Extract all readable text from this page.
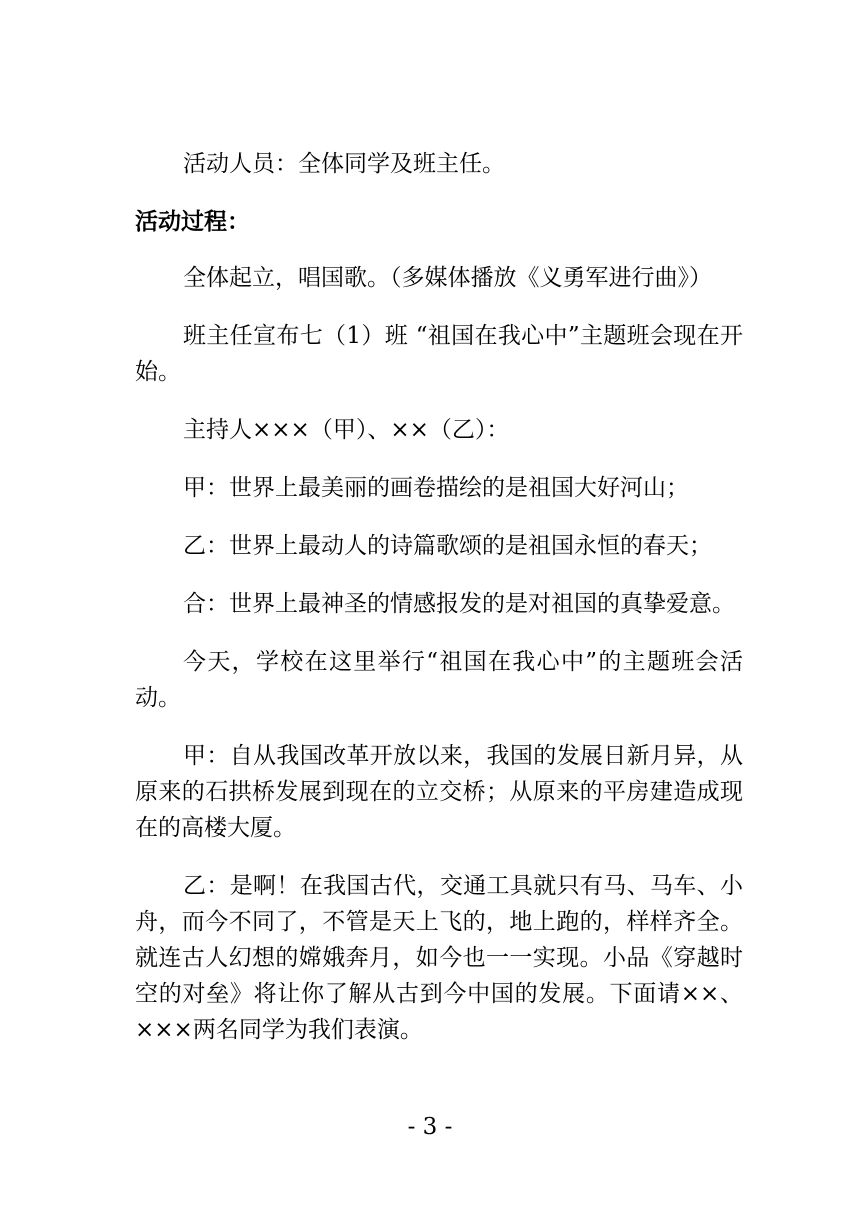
活动人员：全体同学及班主任。

活动过程：

全体起立，唱国歌。（多媒体播放《义勇军进行曲》）

班主任宣布七（1）班 “祖国在我心中”主题班会现在开始。

主持人×××（甲）、××（乙）：

甲：世界上最美丽的画卷描绘的是祖国大好河山；

乙：世界上最动人的诗篇歌颂的是祖国永恒的春天；

合：世界上最神圣的情感报发的是对祖国的真挚爱意。

今天，学校在这里举行“祖国在我心中”的主题班会活动。

甲：自从我国改革开放以来，我国的发展日新月异，从原来的石拱桥发展到现在的立交桥；从原来的平房建造成现在的高楼大厦。

乙：是啊！在我国古代，交通工具就只有马、马车、小舟，而今不同了，不管是天上飞的，地上跑的，样样齐全。就连古人幻想的嫦娥奔月，如今也一一实现。小品《穿越时空的对垒》将让你了解从古到今中国的发展。下面请××、×××两名同学为我们表演。

- 3 -
